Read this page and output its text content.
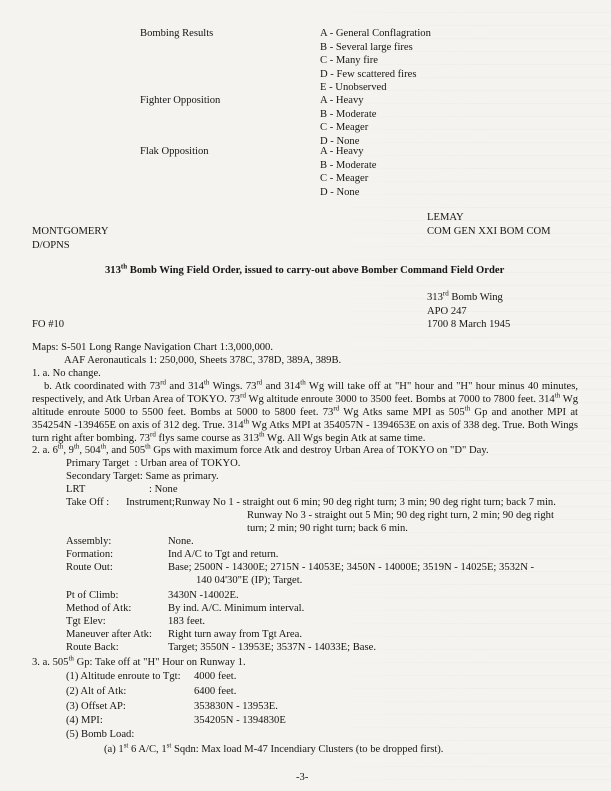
Bombing Results	A - General Conflagration
B - Several large fires
C - Many fire
D - Few scattered fires
E - Unobserved
Fighter Opposition	A - Heavy
B - Moderate
C - Meager
D - None
Flak Opposition	A - Heavy
B - Moderate
C - Meager
D - None
LEMAY
MONTGOMERY	COM GEN XXI BOM COM
D/OPNS
313th Bomb Wing Field Order, issued to carry-out above Bomber Command Field Order
313rd Bomb Wing
APO 247
FO #10	1700 8 March 1945
Maps: S-501 Long Range Navigation Chart 1:3,000,000.
AAF Aeronauticals 1: 250,000, Sheets 378C, 378D, 389A, 389B.
1. a. No change.
b. Atk coordinated with 73rd and 314th Wings. 73rd and 314th Wg will take off at "H" hour and "H" hour minus 40 minutes, respectively, and Atk Urban Area of TOKYO. 73rd Wg altitude enroute 3000 to 3500 feet. Bombs at 7000 to 7800 feet. 314th Wg altitude enroute 5000 to 5500 feet. Bombs at 5000 to 5800 feet. 73rd Wg Atks same MPI as 505th Gp and another MPI at 354254N -139465E on axis of 312 deg. True. 314th Wg Atks MPI at 354057N - 1394653E on axis of 338 deg. True. Both Wings turn right after bombing. 73rd flys same course as 313th Wg. All Wgs begin Atk at same time.
2. a. 6th, 9th, 504th, and 505th Gps with maximum force Atk and destroy Urban Area of TOKYO on "D" Day.
Primary Target  : Urban area of TOKYO.
Secondary Target: Same as primary.
LRT	: None
Take Off : Instrument;Runway No 1 - straight out 6 min; 90 deg right turn; 3 min; 90 deg right turn; back 7 min.
Runway No 3 - straight out 5 Min; 90 deg right turn, 2 min; 90 deg right
turn; 2 min; 90 right turn; back 6 min.
Assembly:	None.
Formation:	Ind A/C to Tgt and return.
Route Out:	Base; 2500N - 14300E; 2715N - 14053E; 3450N - 14000E; 3519N - 14025E; 3532N -
140 04'30"E (IP); Target.
Pt of Climb:	3430N -14002E.
Method of Atk:	By ind. A/C. Minimum interval.
Tgt Elev:	183 feet.
Maneuver after Atk: Right turn away from Tgt Area.
Route Back:	Target; 3550N - 13953E; 3537N - 14033E; Base.
3. a. 505th Gp: Take off at "H" Hour on Runway 1.
(1) Altitude enroute to Tgt: 4000 feet.
(2) Alt of Atk:	6400 feet.
(3) Offset AP:	353830N - 13953E.
(4) MPI:	354205N - 1394830E
(5) Bomb Load:
(a) 1st 6 A/C, 1st Sqdn: Max load M-47 Incendiary Clusters (to be dropped first).
-3-
